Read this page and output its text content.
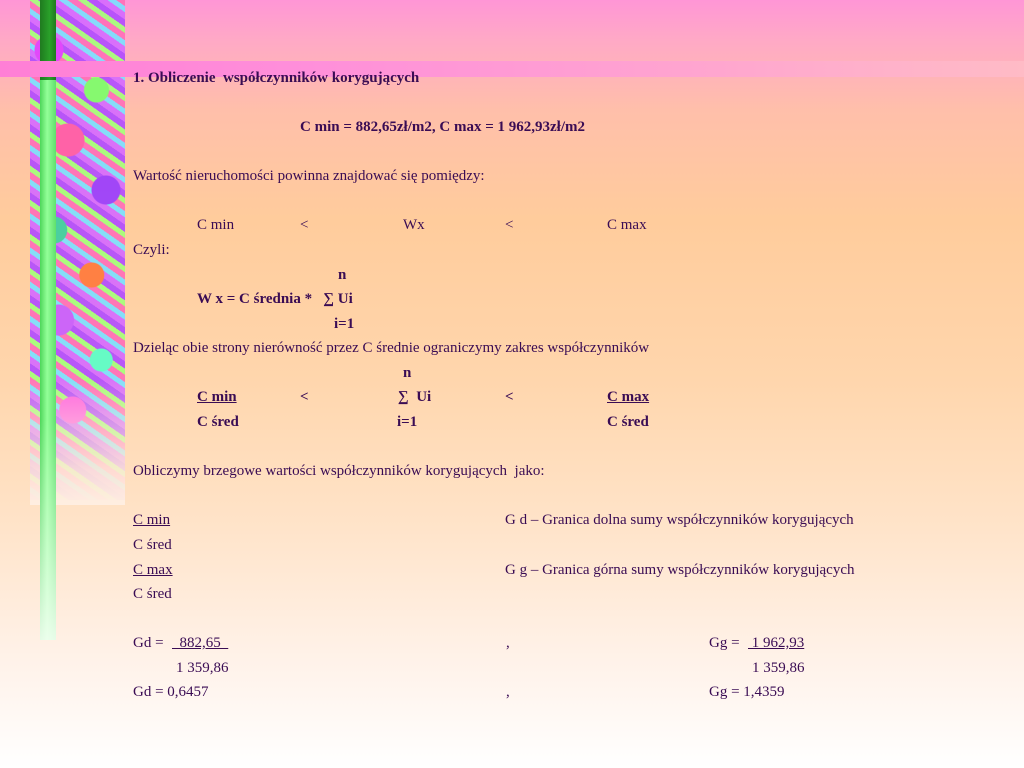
1. Obliczenie  współczynników korygujących
C min = 882,65zł/m2, C max = 1 962,93zł/m2
Wartość nieruchomości powinna znajdować się pomiędzy:
C min	<	Wx	<	C max
Czyli:
n
W x = C średnia *   ∑ Ui
i=1
Dzieląc obie strony nierówność przez C średnie ograniczymy zakres współczynników
n
C min	<	∑  Ui	<	C max
C śred	i=1	C śred
Obliczymy brzegowe wartości współczynników korygujących  jako:
C min	G d – Granica dolna sumy współczynników korygujących
C śred
C max	G g – Granica górna sumy współczynników korygujących
C śred
Gd = 882,65	,	Gg = 1 962,93
1 359,86	1 359,86
Gd = 0,6457	,	Gg = 1,4359
